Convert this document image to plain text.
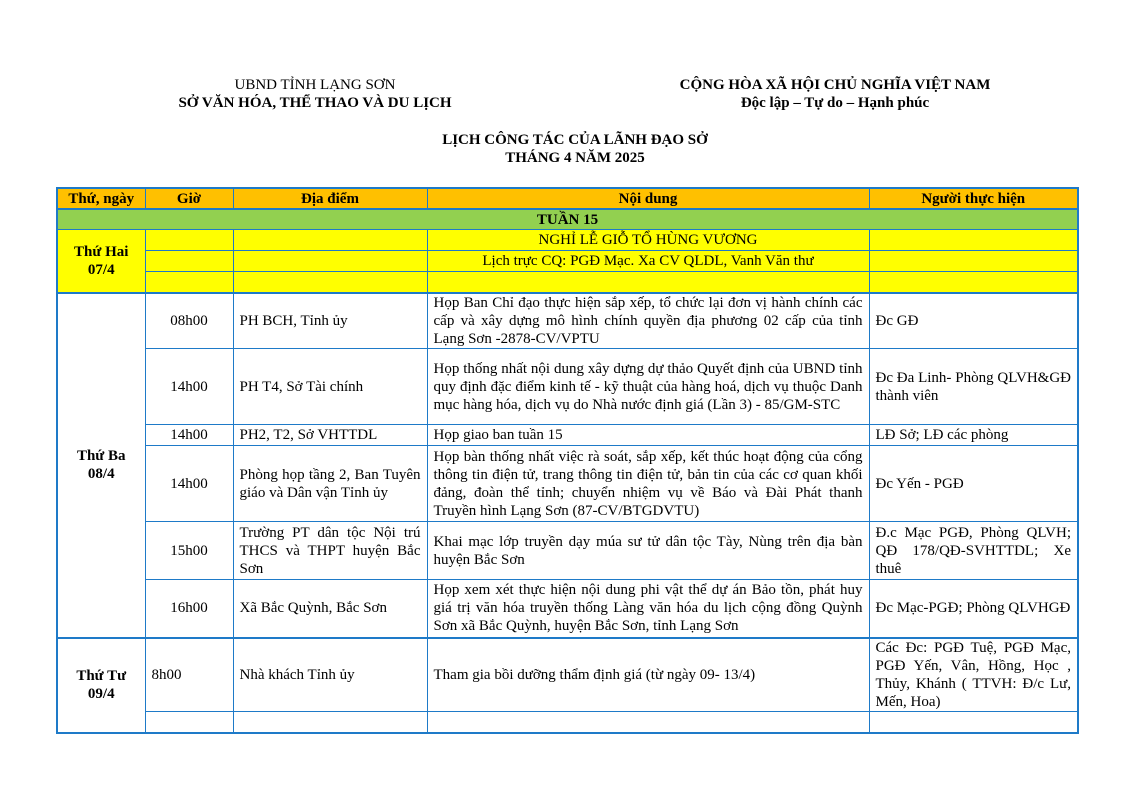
UBND TỈNH LẠNG SƠN
SỞ VĂN HÓA, THỂ THAO VÀ DU LỊCH
CỘNG HÒA XÃ HỘI CHỦ NGHĨA VIỆT NAM
Độc lập – Tự do – Hạnh phúc
LỊCH CÔNG TÁC CỦA LÃNH ĐẠO SỞ
THÁNG 4 NĂM 2025
Thứ, ngày	Giờ	Địa điểm	Nội dung	Người thực hiện
TUẦN 15				

Thứ Hai
07/4			NGHỈ LỄ GIỖ TỔ HÙNG VƯƠNG	
			Lịch trực CQ: PGĐ Mạc. Xa CV QLDL, Vanh Văn thư	

Thứ Ba
08/4	08h00	PH BCH, Tỉnh ủy	Họp Ban Chỉ đạo thực hiện sắp xếp, tổ chức lại đơn vị hành chính các cấp và xây dựng mô hình chính quyền địa phương 02 cấp của tỉnh Lạng Sơn -2878-CV/VPTU	Đc GĐ
	14h00	PH T4, Sở Tài chính	Họp thống nhất nội dung xây dựng dự thảo Quyết định của UBND tỉnh quy định đặc điểm kinh tế - kỹ thuật của hàng hoá, dịch vụ thuộc Danh mục hàng hóa, dịch vụ do Nhà nước định giá (Lần 3) - 85/GM-STC	Đc Đa Linh- Phòng QLVH&GĐ thành viên
	14h00	PH2, T2, Sở VHTTDL	Họp giao ban tuần 15	LĐ Sở; LĐ các phòng
	14h00	Phòng họp tầng 2, Ban Tuyên giáo và Dân vận Tỉnh ủy	Họp bàn thống nhất việc rà soát, sắp xếp, kết thúc hoạt động của cổng thông tin điện tử, trang thông tin điện tử, bản tin của các cơ quan khối đảng, đoàn thể tỉnh; chuyển nhiệm vụ về Báo và Đài Phát thanh Truyền hình Lạng Sơn (87-CV/BTGDVTU)	Đc Yến - PGĐ
	15h00	Trường PT dân tộc Nội trú THCS và THPT huyện Bắc Sơn	Khai mạc lớp truyền dạy múa sư tử dân tộc Tày, Nùng trên địa bàn huyện Bắc Sơn	Đ.c Mạc PGĐ, Phòng QLVH; QĐ 178/QĐ-SVHTTDL; Xe thuê
	16h00	Xã Bắc Quỳnh, Bắc Sơn	Họp xem xét thực hiện nội dung phi vật thể dự án Bảo tồn, phát huy giá trị văn hóa truyền thống Làng văn hóa du lịch cộng đồng Quỳnh Sơn xã Bắc Quỳnh, huyện Bắc Sơn, tỉnh Lạng Sơn	Đc Mạc-PGĐ; Phòng QLVHGĐ

Thứ Tư
09/4	8h00	Nhà khách Tỉnh ủy	Tham gia bồi dưỡng thẩm định giá (từ ngày 09- 13/4)	Các Đc: PGĐ Tuệ, PGĐ Mạc, PGĐ Yến, Vân, Hồng, Học , Thủy, Khánh ( TTVH: Đ/c Lư, Mến, Hoa)
